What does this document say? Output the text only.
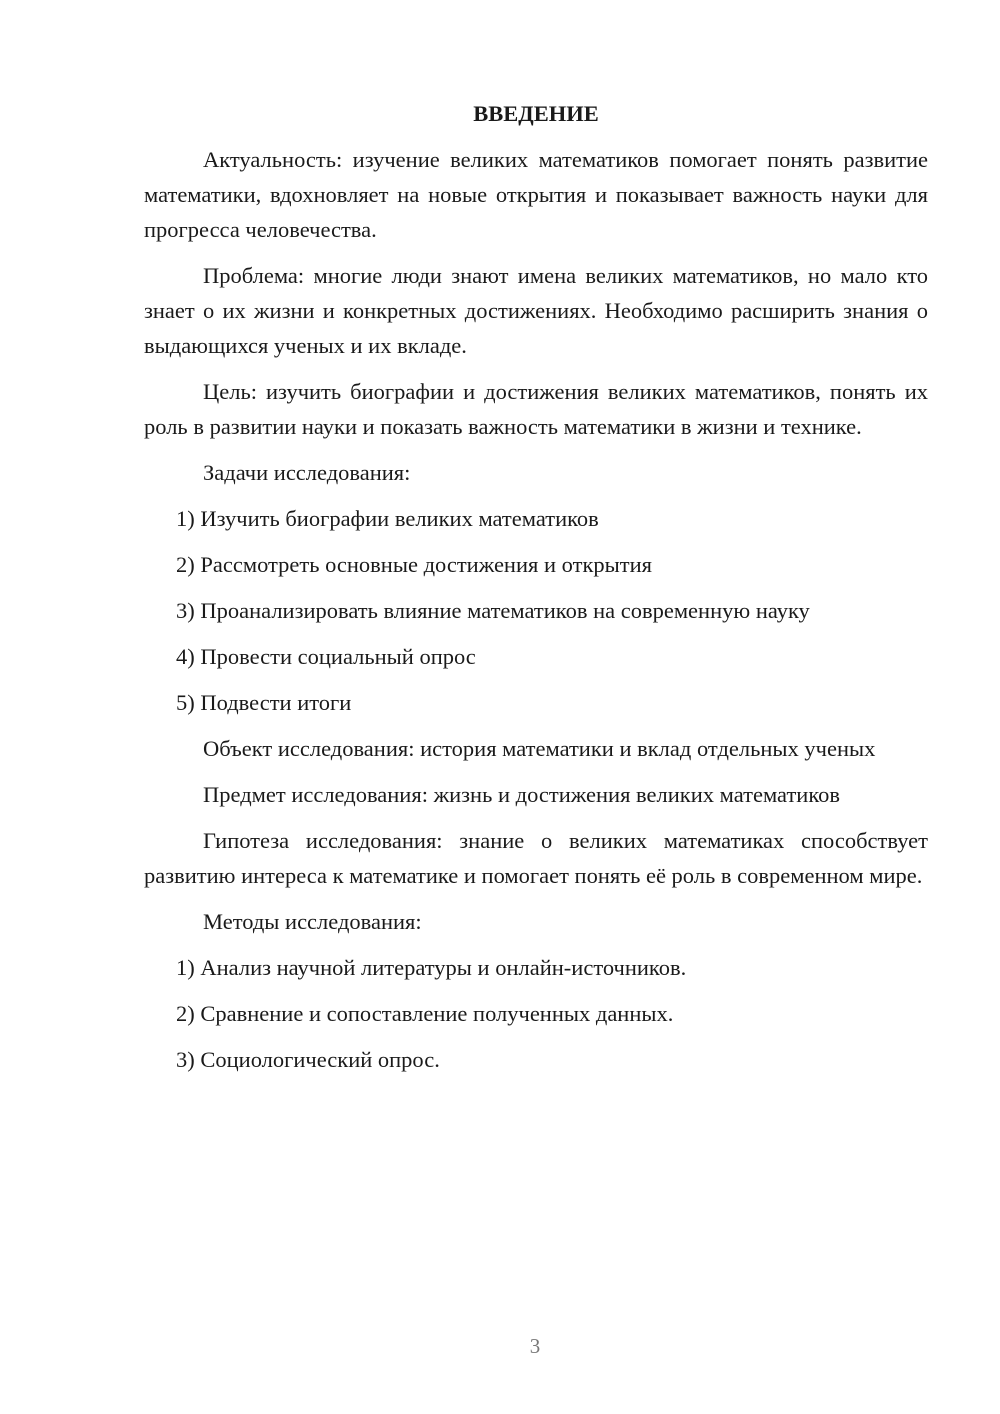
ВВЕДЕНИЕ
Актуальность: изучение великих математиков помогает понять развитие математики, вдохновляет на новые открытия и показывает важность науки для прогресса человечества.
Проблема: многие люди знают имена великих математиков, но мало кто знает о их жизни и конкретных достижениях. Необходимо расширить знания о выдающихся ученых и их вкладе.
Цель: изучить биографии и достижения великих математиков, понять их роль в развитии науки и показать важность математики в жизни и технике.
Задачи исследования:
1) Изучить биографии великих математиков
2) Рассмотреть основные достижения и открытия
3) Проанализировать влияние математиков на современную науку
4) Провести социальный опрос
5) Подвести итоги
Объект исследования: история математики и вклад отдельных ученых
Предмет исследования: жизнь и достижения великих математиков
Гипотеза исследования: знание о великих математиках способствует развитию интереса к математике и помогает понять её роль в современном мире.
Методы исследования:
1) Анализ научной литературы и онлайн-источников.
2) Сравнение и сопоставление полученных данных.
3) Социологический опрос.
3
